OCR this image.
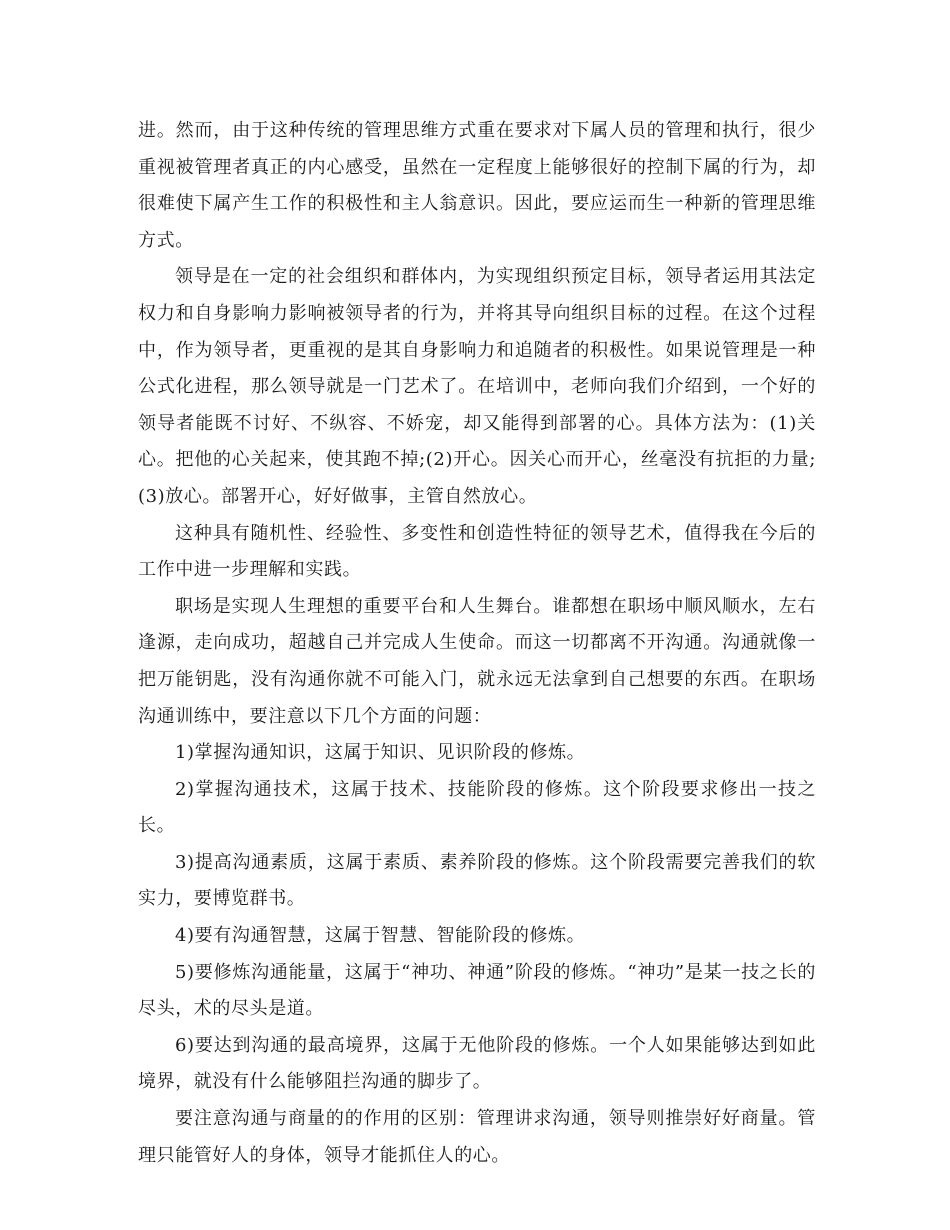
进。然而，由于这种传统的管理思维方式重在要求对下属人员的管理和执行，很少重视被管理者真正的内心感受，虽然在一定程度上能够很好的控制下属的行为，却很难使下属产生工作的积极性和主人翁意识。因此，要应运而生一种新的管理思维方式。

领导是在一定的社会组织和群体内，为实现组织预定目标，领导者运用其法定权力和自身影响力影响被领导者的行为，并将其导向组织目标的过程。在这个过程中，作为领导者，更重视的是其自身影响力和追随者的积极性。如果说管理是一种公式化进程，那么领导就是一门艺术了。在培训中，老师向我们介绍到，一个好的领导者能既不讨好、不纵容、不娇宠，却又能得到部署的心。具体方法为：(1)关心。把他的心关起来，使其跑不掉;(2)开心。因关心而开心，丝毫没有抗拒的力量;(3)放心。部署开心，好好做事，主管自然放心。

这种具有随机性、经验性、多变性和创造性特征的领导艺术，值得我在今后的工作中进一步理解和实践。

职场是实现人生理想的重要平台和人生舞台。谁都想在职场中顺风顺水，左右逢源，走向成功，超越自己并完成人生使命。而这一切都离不开沟通。沟通就像一把万能钥匙，没有沟通你就不可能入门，就永远无法拿到自己想要的东西。在职场沟通训练中，要注意以下几个方面的问题：

1)掌握沟通知识，这属于知识、见识阶段的修炼。

2)掌握沟通技术，这属于技术、技能阶段的修炼。这个阶段要求修出一技之长。

3)提高沟通素质，这属于素质、素养阶段的修炼。这个阶段需要完善我们的软实力，要博览群书。

4)要有沟通智慧，这属于智慧、智能阶段的修炼。

5)要修炼沟通能量，这属于“神功、神通”阶段的修炼。“神功”是某一技之长的尽头，术的尽头是道。

6)要达到沟通的最高境界，这属于无他阶段的修炼。一个人如果能够达到如此境界，就没有什么能够阻拦沟通的脚步了。

要注意沟通与商量的的作用的区别：管理讲求沟通，领导则推崇好好商量。管理只能管好人的身体，领导才能抓住人的心。
